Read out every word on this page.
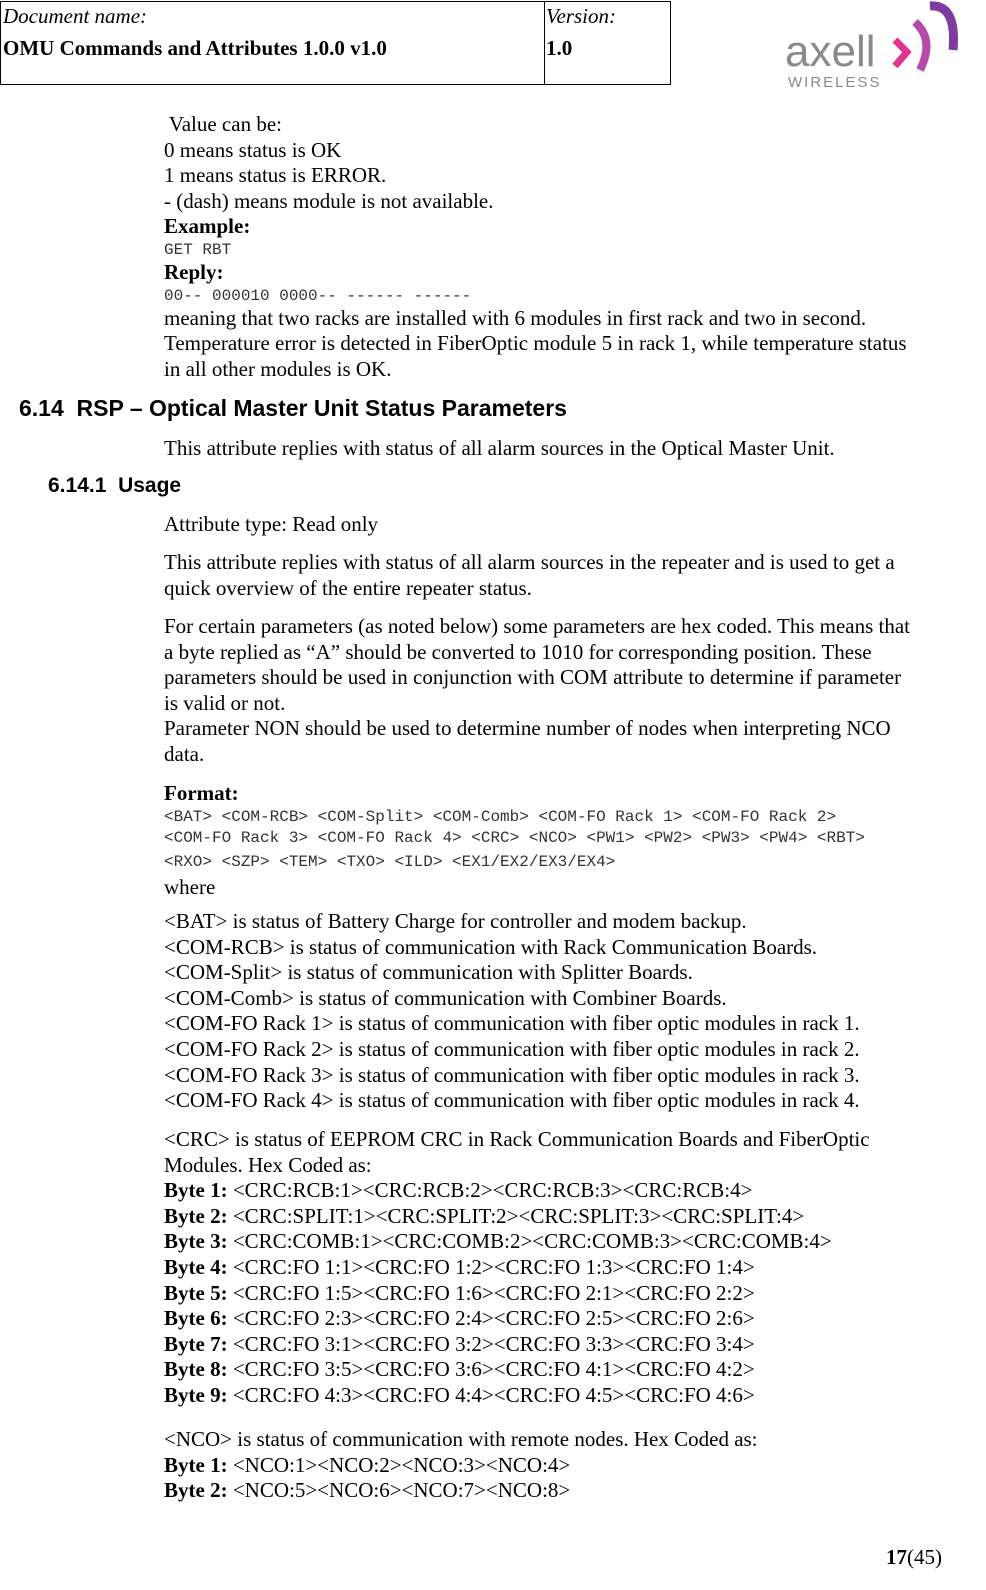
Document name:
OMU Commands and Attributes 1.0.0 v1.0
Version:
1.0	axell
WIRELESS
Value can be:
0 means status is OK
1 means status is ERROR.
- (dash) means module is not available.
Example:
GET RBT
Reply:
00-- 000010 0000-- ------ ------
meaning that two racks are installed with 6 modules in first rack and two in second.
Temperature error is detected in FiberOptic module 5 in rack 1, while temperature status
in all other modules is OK.
6.14 RSP – Optical Master Unit Status Parameters
This attribute replies with status of all alarm sources in the Optical Master Unit.
6.14.1 Usage
Attribute type: Read only
This attribute replies with status of all alarm sources in the repeater and is used to get a
quick overview of the entire repeater status.
For certain parameters (as noted below) some parameters are hex coded. This means that
a byte replied as “A” should be converted to 1010 for corresponding position. These
parameters should be used in conjunction with COM attribute to determine if parameter
is valid or not.
Parameter NON should be used to determine number of nodes when interpreting NCO
data.
Format:
<BAT> <COM-RCB> <COM-Split> <COM-Comb> <COM-FO Rack 1> <COM-FO Rack 2>
<COM-FO Rack 3> <COM-FO Rack 4> <CRC> <NCO> <PW1> <PW2> <PW3> <PW4> <RBT>
<RXO> <SZP> <TEM> <TXO> <ILD> <EX1/EX2/EX3/EX4>
where
<BAT> is status of Battery Charge for controller and modem backup.
<COM-RCB> is status of communication with Rack Communication Boards.
<COM-Split> is status of communication with Splitter Boards.
<COM-Comb> is status of communication with Combiner Boards.
<COM-FO Rack 1> is status of communication with fiber optic modules in rack 1.
<COM-FO Rack 2> is status of communication with fiber optic modules in rack 2.
<COM-FO Rack 3> is status of communication with fiber optic modules in rack 3.
<COM-FO Rack 4> is status of communication with fiber optic modules in rack 4.
<CRC> is status of EEPROM CRC in Rack Communication Boards and FiberOptic
Modules. Hex Coded as:
Byte 1: <CRC:RCB:1><CRC:RCB:2><CRC:RCB:3><CRC:RCB:4>
Byte 2: <CRC:SPLIT:1><CRC:SPLIT:2><CRC:SPLIT:3><CRC:SPLIT:4>
Byte 3: <CRC:COMB:1><CRC:COMB:2><CRC:COMB:3><CRC:COMB:4>
Byte 4: <CRC:FO 1:1><CRC:FO 1:2><CRC:FO 1:3><CRC:FO 1:4>
Byte 5: <CRC:FO 1:5><CRC:FO 1:6><CRC:FO 2:1><CRC:FO 2:2>
Byte 6: <CRC:FO 2:3><CRC:FO 2:4><CRC:FO 2:5><CRC:FO 2:6>
Byte 7: <CRC:FO 3:1><CRC:FO 3:2><CRC:FO 3:3><CRC:FO 3:4>
Byte 8: <CRC:FO 3:5><CRC:FO 3:6><CRC:FO 4:1><CRC:FO 4:2>
Byte 9: <CRC:FO 4:3><CRC:FO 4:4><CRC:FO 4:5><CRC:FO 4:6>
<NCO> is status of communication with remote nodes. Hex Coded as:
Byte 1: <NCO:1><NCO:2><NCO:3><NCO:4>
Byte 2: <NCO:5><NCO:6><NCO:7><NCO:8>
17(45)
